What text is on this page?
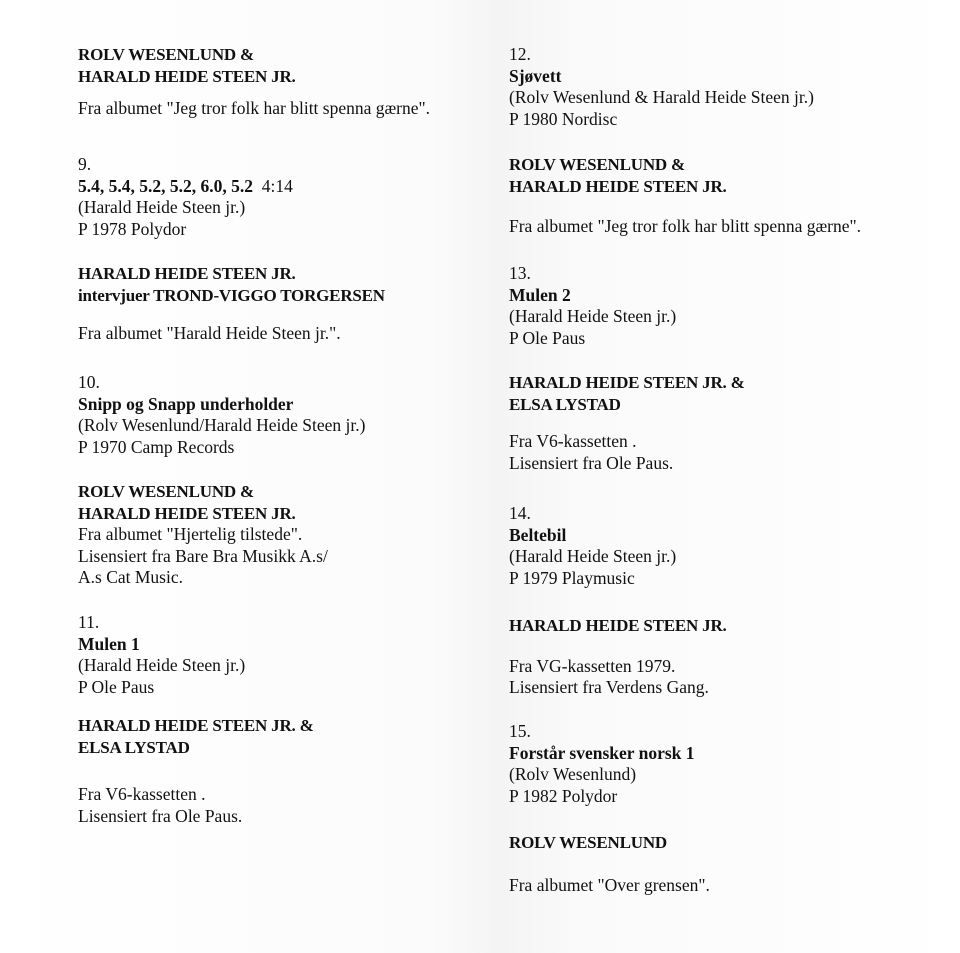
ROLV WESENLUND &
HARALD HEIDE STEEN JR.
Fra albumet "Jeg tror folk har blitt spenna gærne".
9.
5.4, 5.4, 5.2, 5.2, 6.0, 5.2 4:14
(Harald Heide Steen jr.)
P 1978 Polydor
HARALD HEIDE STEEN JR.
intervjuer TROND-VIGGO TORGERSEN
Fra albumet "Harald Heide Steen jr.".
10.
Snipp og Snapp underholder
(Rolv Wesenlund/Harald Heide Steen jr.)
P 1970 Camp Records
ROLV WESENLUND &
HARALD HEIDE STEEN JR.
Fra albumet "Hjertelig tilstede".
Lisensiert fra Bare Bra Musikk A.s/
A.s Cat Music.
11.
Mulen 1
(Harald Heide Steen jr.)
P Ole Paus
HARALD HEIDE STEEN JR. &
ELSA LYSTAD
Fra V6-kassetten .
Lisensiert fra Ole Paus.
12.
Sjøvett
(Rolv Wesenlund & Harald Heide Steen jr.)
P 1980 Nordisc
ROLV WESENLUND &
HARALD HEIDE STEEN JR.
Fra albumet "Jeg tror folk har blitt spenna gærne".
13.
Mulen 2
(Harald Heide Steen jr.)
P Ole Paus
HARALD HEIDE STEEN JR. &
ELSA LYSTAD
Fra V6-kassetten .
Lisensiert fra Ole Paus.
14.
Beltebil
(Harald Heide Steen jr.)
P 1979 Playmusic
HARALD HEIDE STEEN JR.
Fra VG-kassetten 1979.
Lisensiert fra Verdens Gang.
15.
Forstår svensker norsk 1
(Rolv Wesenlund)
P 1982 Polydor
ROLV WESENLUND
Fra albumet "Over grensen".
